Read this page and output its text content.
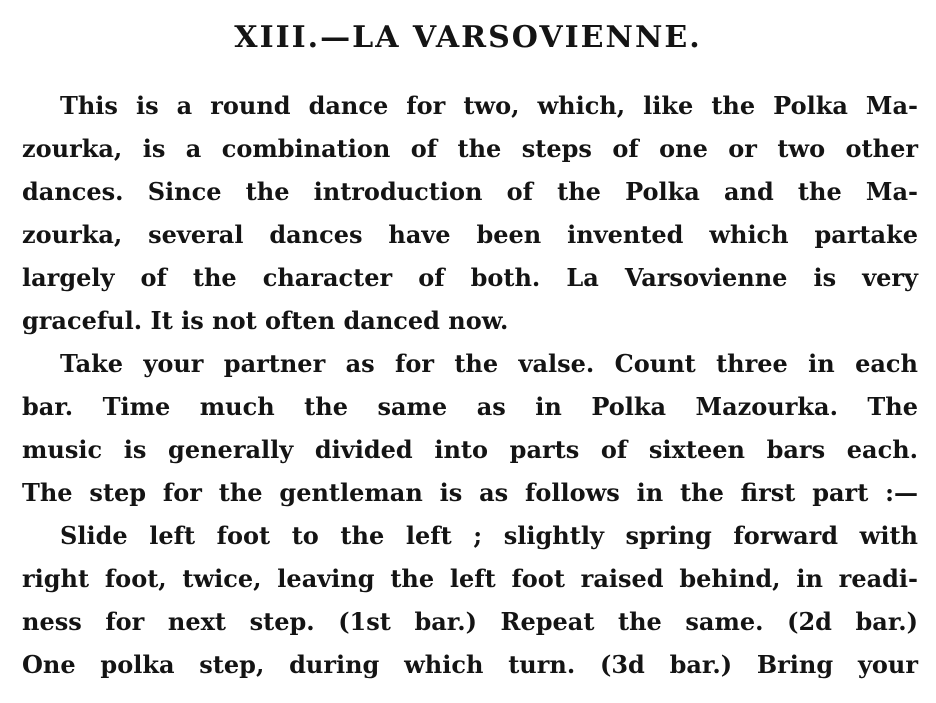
XIII.—LA VARSOVIENNE.
This is a round dance for two, which, like the Polka Ma-
zourka, is a combination of the steps of one or two other
dances. Since the introduction of the Polka and the Ma-
zourka, several dances have been invented which partake
largely of the character of both. La Varsovienne is very
graceful. It is not often danced now.
Take your partner as for the valse. Count three in each
bar. Time much the same as in Polka Mazourka. The
music is generally divided into parts of sixteen bars each.
The step for the gentleman is as follows in the first part :—
Slide left foot to the left ; slightly spring forward with
right foot, twice, leaving the left foot raised behind, in readi-
ness for next step. (1st bar.) Repeat the same. (2d bar.)
One polka step, during which turn. (3d bar.) Bring your
